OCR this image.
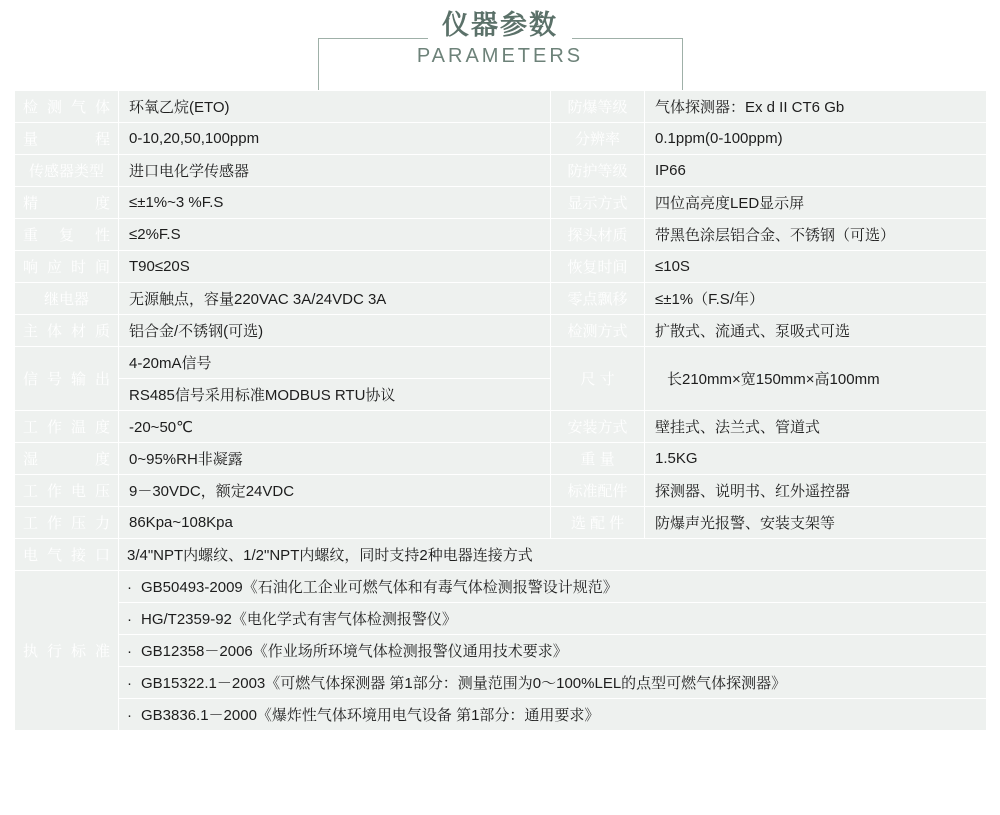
仪器参数
PARAMETERS
检测气体	环氧乙烷(ETO)	防爆等级	气体探测器：Ex d II CT6 Gb
量 程	0-10,20,50,100ppm	分辨率	0.1ppm(0-100ppm)
传感器类型	进口电化学传感器	防护等级	IP66
精 度	≤±1%~3 %F.S	显示方式	四位高亮度LED显示屏
重 复 性	≤2%F.S	探头材质	带黑色涂层铝合金、不锈钢（可选）
响应时间	T90≤20S	恢复时间	≤10S
继电器	无源触点，容量220VAC 3A/24VDC 3A	零点飘移	≤±1%（F.S/年）
主体材质	铝合金/不锈钢(可选)	检测方式	扩散式、流通式、泵吸式可选
信号输出	4-20mA信号	尺 寸	长210mm×宽150mm×高100mm
	RS485信号采用标准MODBUS RTU协议		
工作温度	-20~50℃	安装方式	壁挂式、法兰式、管道式
湿 度	0~95%RH非凝露	重 量	1.5KG
工作电压	9－30VDC，额定24VDC	标准配件	探测器、说明书、红外遥控器
工作压力	86Kpa~108Kpa	选 配 件	防爆声光报警、安装支架等
电气接口	3/4"NPT内螺纹、1/2"NPT内螺纹，同时支持2种电器连接方式		
执行标准	· GB50493-2009《石油化工企业可燃气体和有毒气体检测报警设计规范》		
	· HG/T2359-92《电化学式有害气体检测报警仪》		
	· GB12358－2006《作业场所环境气体检测报警仪通用技术要求》		
	· GB15322.1－2003《可燃气体探测器 第1部分：测量范围为0～100%LEL的点型可燃气体探测器》		
	· GB3836.1－2000《爆炸性气体环境用电气设备 第1部分：通用要求》		
